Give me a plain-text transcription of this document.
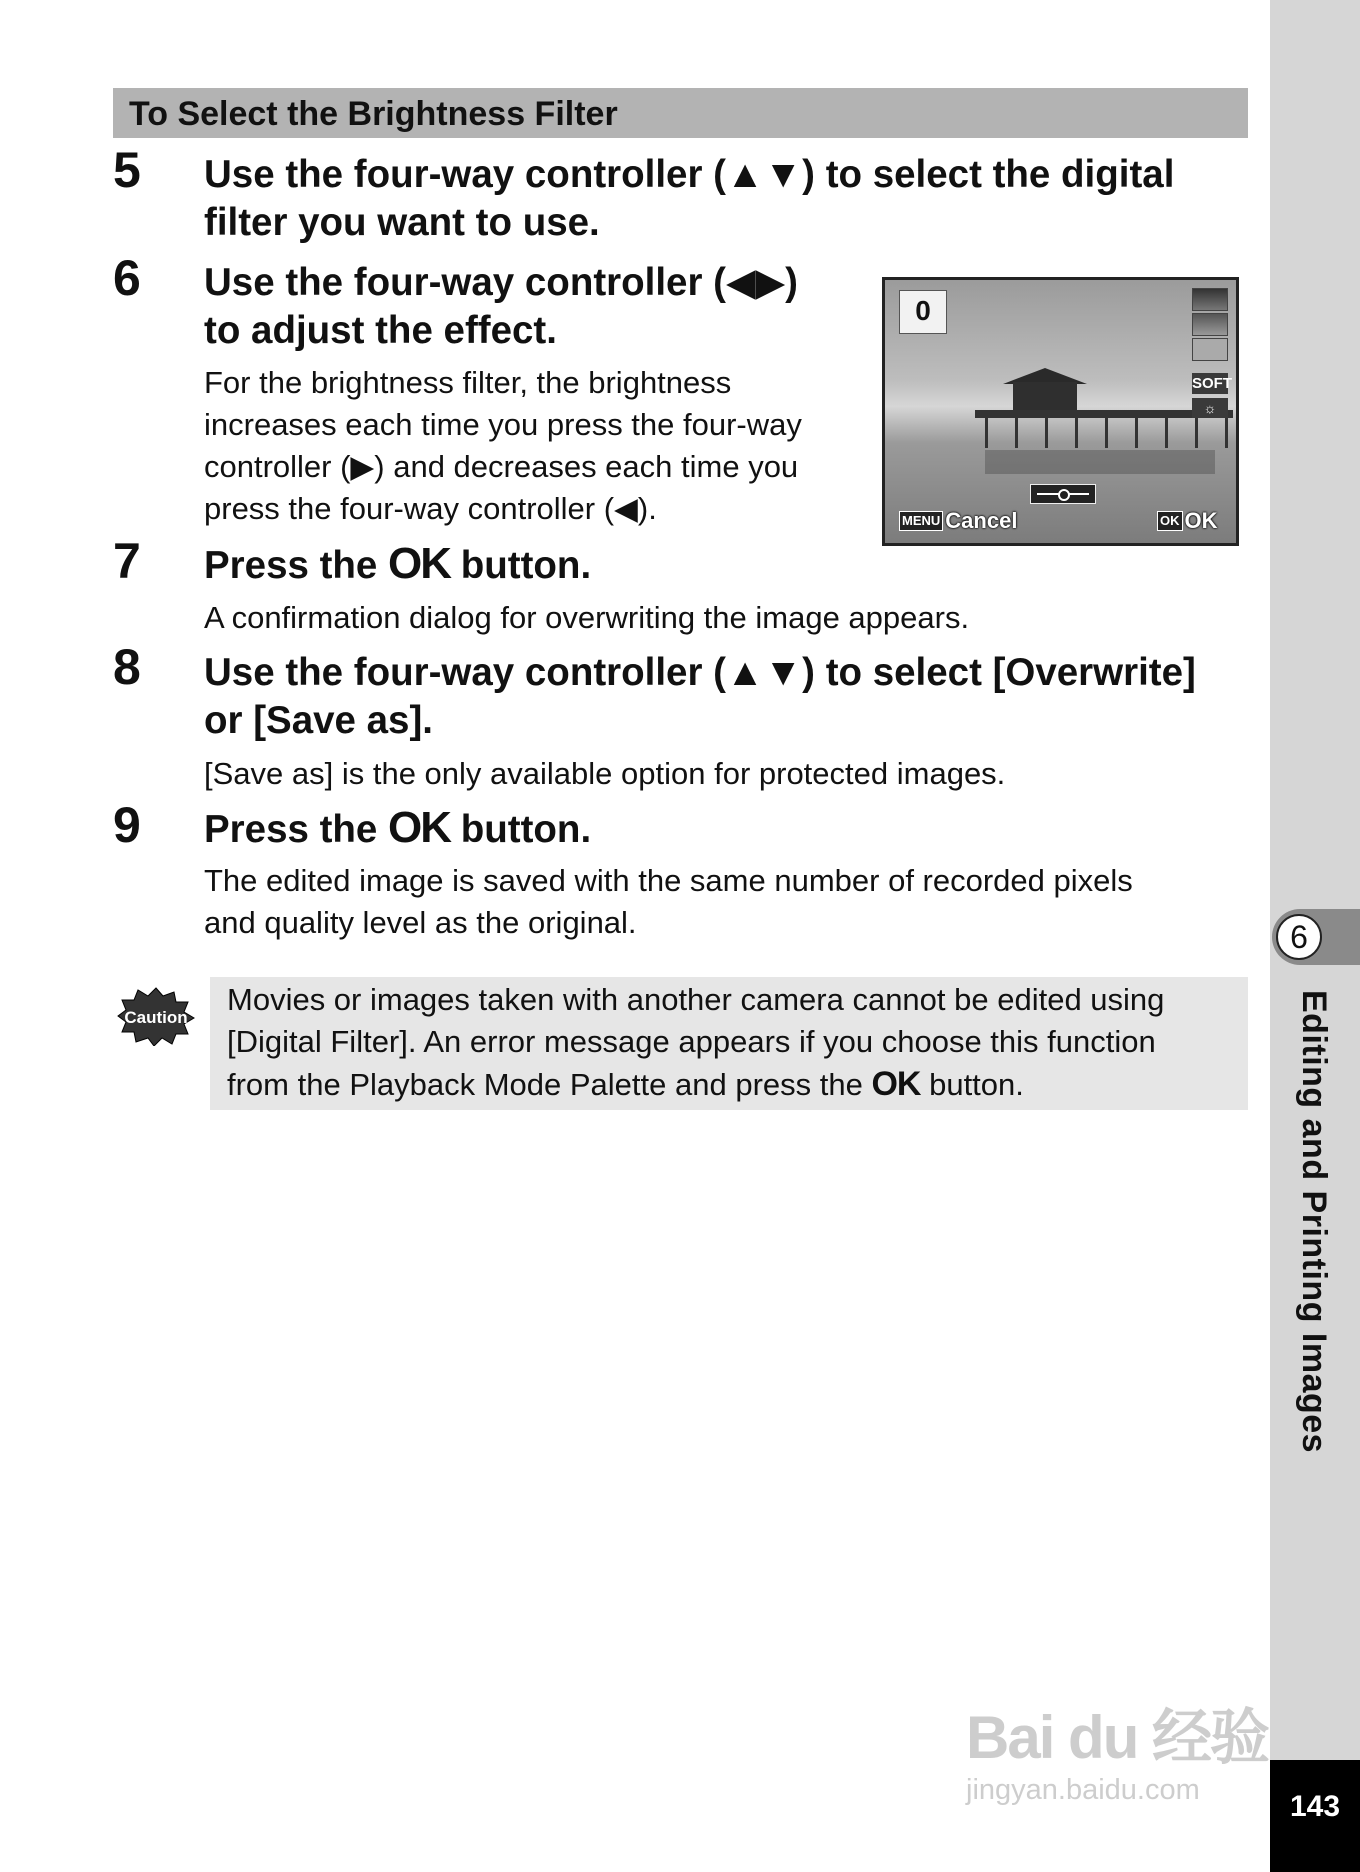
6
Editing and Printing Images
143
To Select the Brightness Filter
5 Use the four-way controller (▲▼) to select the digital
filter you want to use.
6 Use the four-way controller (◀▶)
to adjust the effect.
For the brightness filter, the brightness
increases each time you press the four-way
controller (▶) and decreases each time you
press the four-way controller (◀).
0
SOFT
☼
MENU Cancel	OK OK
7 Press the OK button.
A confirmation dialog for overwriting the image appears.
8 Use the four-way controller (▲▼) to select [Overwrite]
or [Save as].
[Save as] is the only available option for protected images.
9 Press the OK button.
The edited image is saved with the same number of recorded pixels
and quality level as the original.
Caution
Movies or images taken with another camera cannot be edited using
[Digital Filter]. An error message appears if you choose this function
from the Playback Mode Palette and press the OK button.
Bai du 经验
jingyan.baidu.com
